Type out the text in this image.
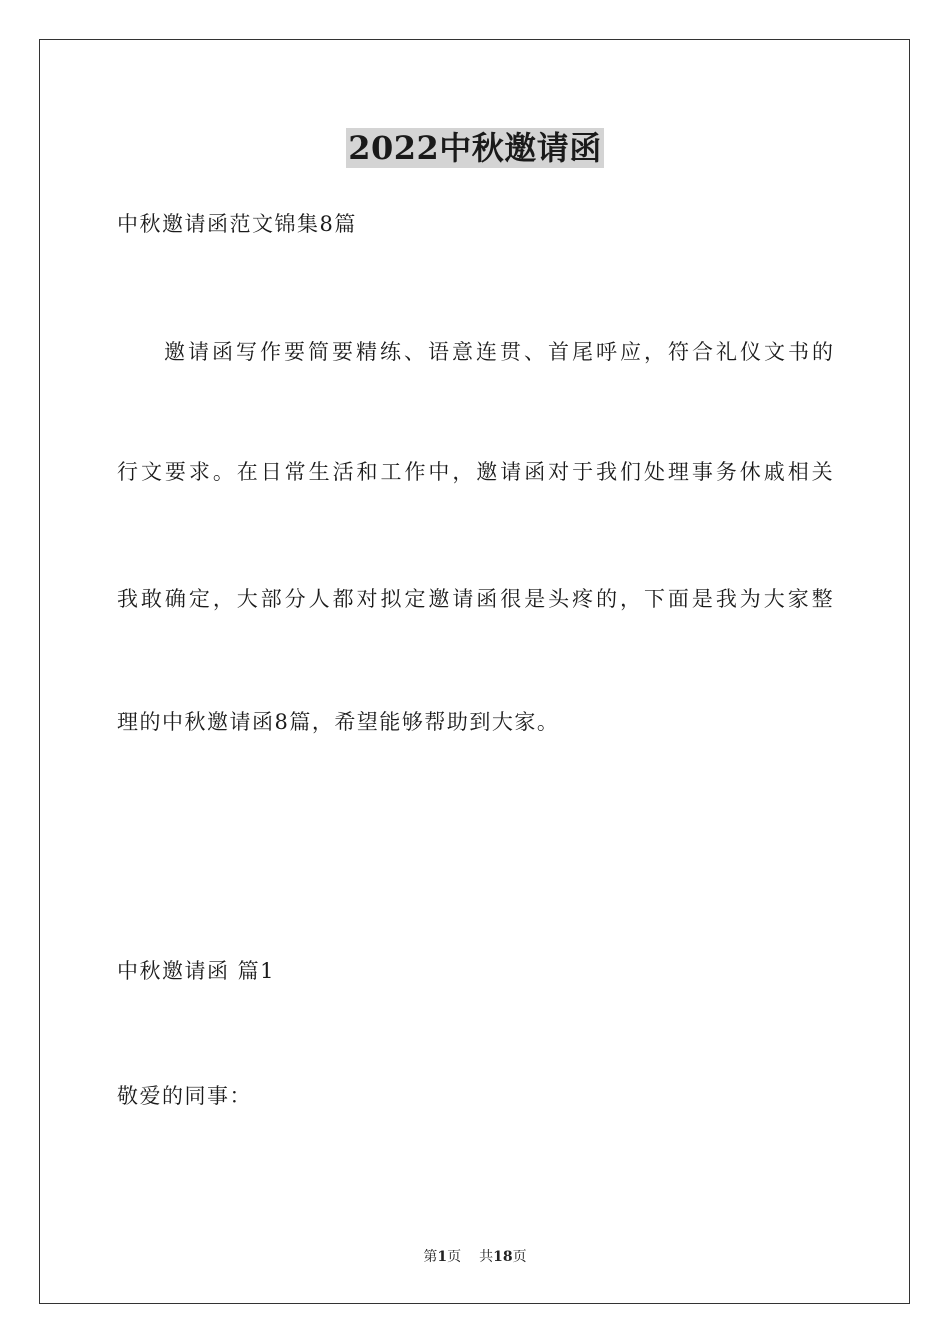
2022中秋邀请函
中秋邀请函范文锦集8篇
邀 请 函 写 作 要 简 要 精 练 、 语 意 连 贯 、 首 尾 呼 应 ， 符 合 礼 仪 文 书 的
行 文 要 求 。 在 日 常 生 活 和 工 作 中 ， 邀 请 函 对 于 我 们 处 理 事 务 休 戚 相 关
我 敢 确 定 ， 大 部 分 人 都 对 拟 定 邀 请 函 很 是 头 疼 的 ， 下 面 是 我 为 大 家 整
理的中秋邀请函8篇，希望能够帮助到大家。
中秋邀请函 篇1
敬爱的同事：
第1页 共18页
